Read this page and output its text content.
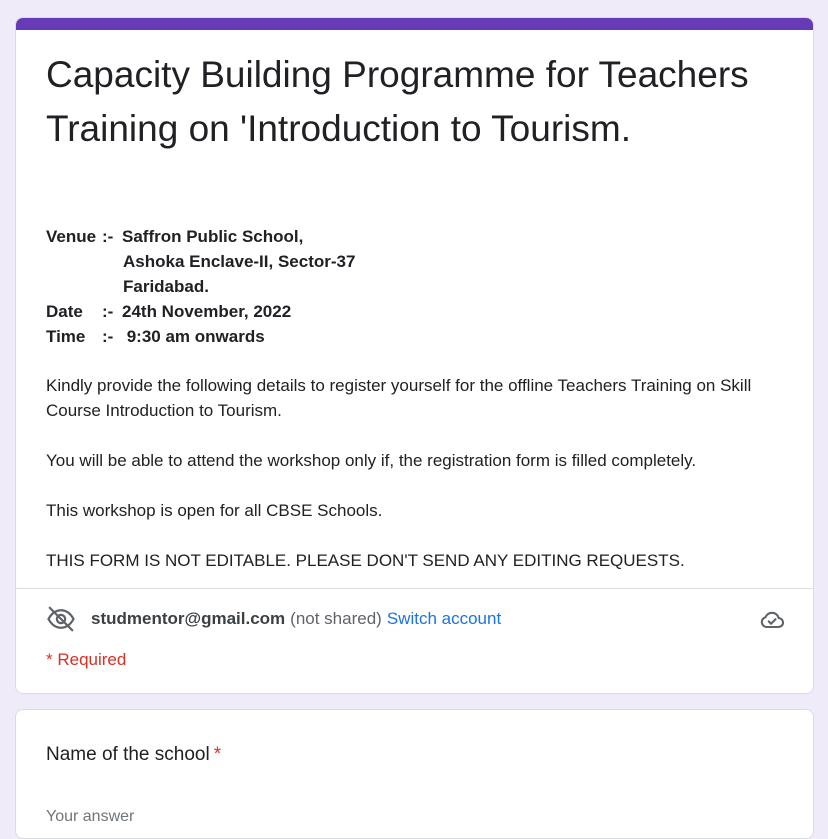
Capacity Building Programme for Teachers Training on 'Introduction to Tourism.
Venue :- Saffron Public School,
Ashoka Enclave-II, Sector-37
Faridabad.
Date	:- 24th November, 2022
Time :- 9:30 am onwards

Kindly provide the following details to register yourself for the offline Teachers Training on Skill Course Introduction to Tourism.

You will be able to attend the workshop only if, the registration form is filled completely.

This workshop is open for all CBSE Schools.

THIS FORM IS NOT EDITABLE. PLEASE DON'T SEND ANY EDITING REQUESTS.

studmentor@gmail.com (not shared) Switch account
* Required
Name of the school *
Your answer
